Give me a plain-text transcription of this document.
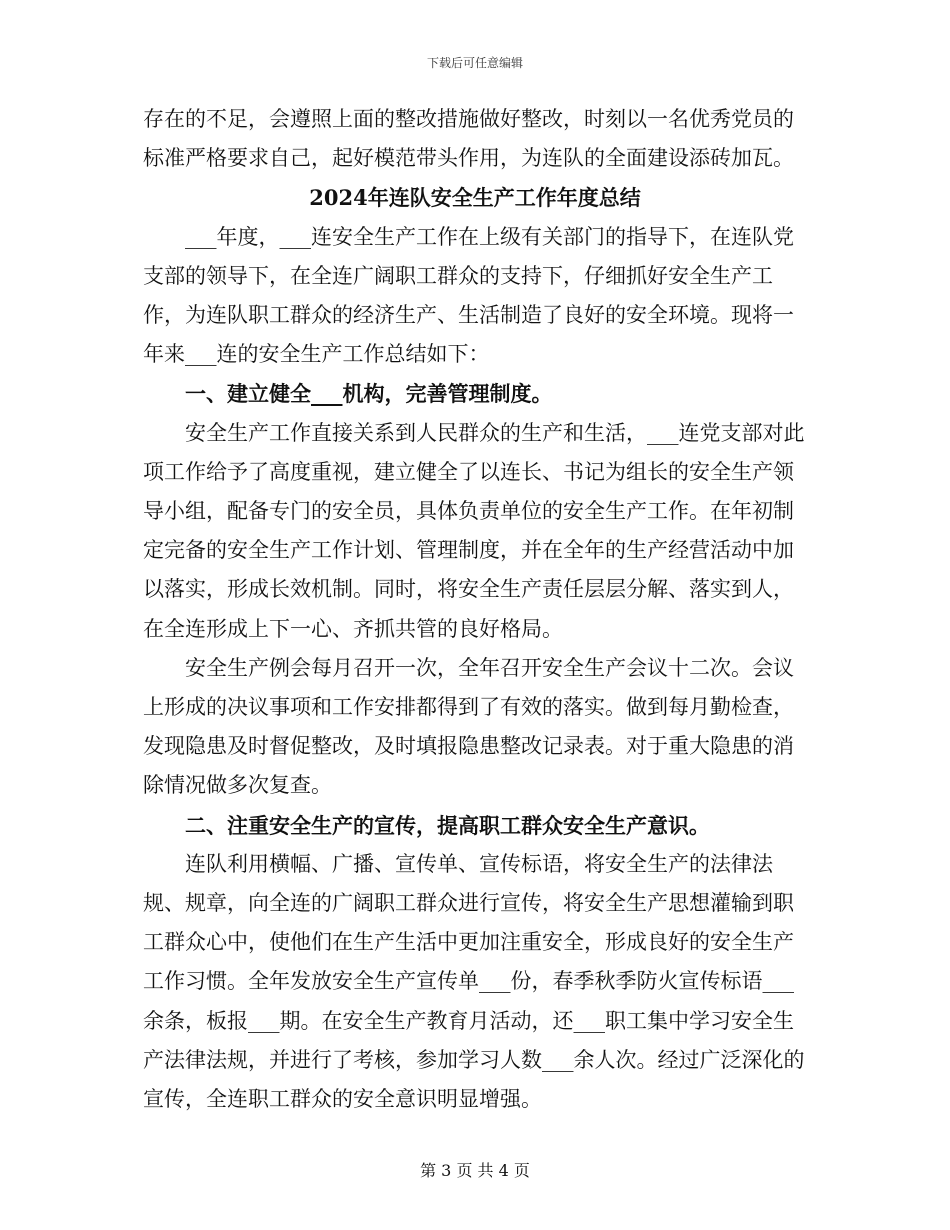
下载后可任意编辑

存在的不足，会遵照上面的整改措施做好整改，时刻以一名优秀党员的标准严格要求自己，起好模范带头作用，为连队的全面建设添砖加瓦。

2024年连队安全生产工作年度总结

___年度，___连安全生产工作在上级有关部门的指导下，在连队党支部的领导下，在全连广阔职工群众的支持下，仔细抓好安全生产工作，为连队职工群众的经济生产、生活制造了良好的安全环境。现将一年来___连的安全生产工作总结如下：

一、建立健全___机构，完善管理制度。

安全生产工作直接关系到人民群众的生产和生活，___连党支部对此项工作给予了高度重视，建立健全了以连长、书记为组长的安全生产领导小组，配备专门的安全员，具体负责单位的安全生产工作。在年初制定完备的安全生产工作计划、管理制度，并在全年的生产经营活动中加以落实，形成长效机制。同时，将安全生产责任层层分解、落实到人，在全连形成上下一心、齐抓共管的良好格局。

安全生产例会每月召开一次，全年召开安全生产会议十二次。会议上形成的决议事项和工作安排都得到了有效的落实。做到每月勤检查，发现隐患及时督促整改，及时填报隐患整改记录表。对于重大隐患的消除情况做多次复查。

二、注重安全生产的宣传，提高职工群众安全生产意识。

连队利用横幅、广播、宣传单、宣传标语，将安全生产的法律法规、规章，向全连的广阔职工群众进行宣传，将安全生产思想灌输到职工群众心中，使他们在生产生活中更加注重安全，形成良好的安全生产工作习惯。全年发放安全生产宣传单___份，春季秋季防火宣传标语___余条，板报___期。在安全生产教育月活动，还___职工集中学习安全生产法律法规，并进行了考核，参加学习人数___余人次。经过广泛深化的宣传，全连职工群众的安全意识明显增强。

第 3 页 共 4 页
